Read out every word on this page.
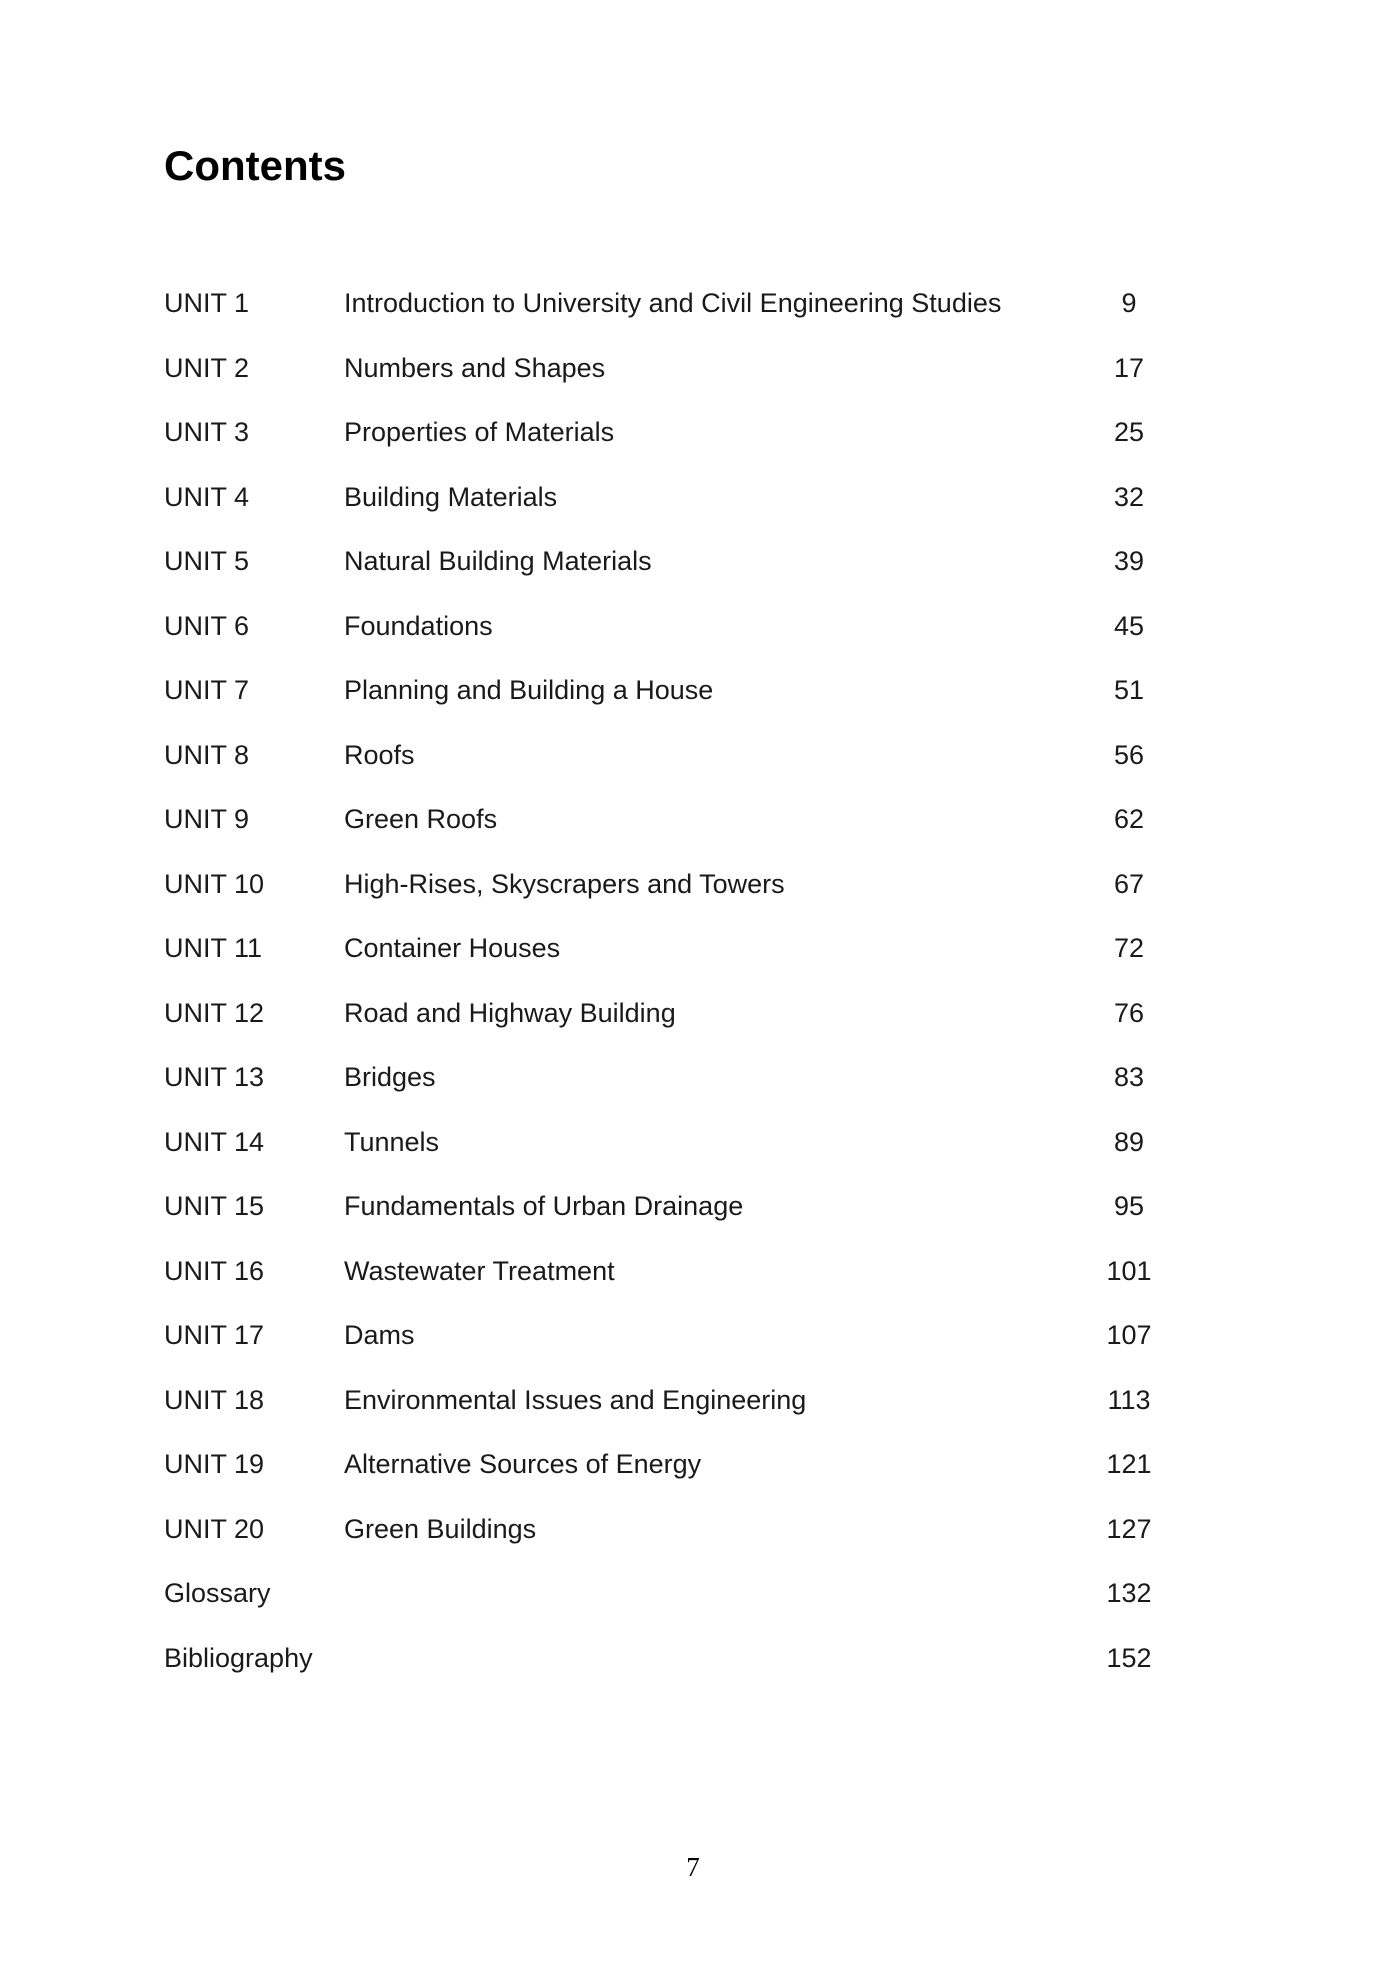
Contents
UNIT 1	Introduction to University and Civil Engineering Studies	9
UNIT 2	Numbers and Shapes	17
UNIT 3	Properties of Materials	25
UNIT 4	Building Materials	32
UNIT 5	Natural Building Materials	39
UNIT 6	Foundations	45
UNIT 7	Planning and Building a House	51
UNIT 8	Roofs	56
UNIT 9	Green Roofs	62
UNIT 10	High-Rises, Skyscrapers and Towers	67
UNIT 11	Container Houses	72
UNIT 12	Road and Highway Building	76
UNIT 13	Bridges	83
UNIT 14	Tunnels	89
UNIT 15	Fundamentals of Urban Drainage	95
UNIT 16	Wastewater Treatment	101
UNIT 17	Dams	107
UNIT 18	Environmental Issues and Engineering	113
UNIT 19	Alternative Sources of Energy	121
UNIT 20	Green Buildings	127
Glossary	132
Bibliography	152

7
